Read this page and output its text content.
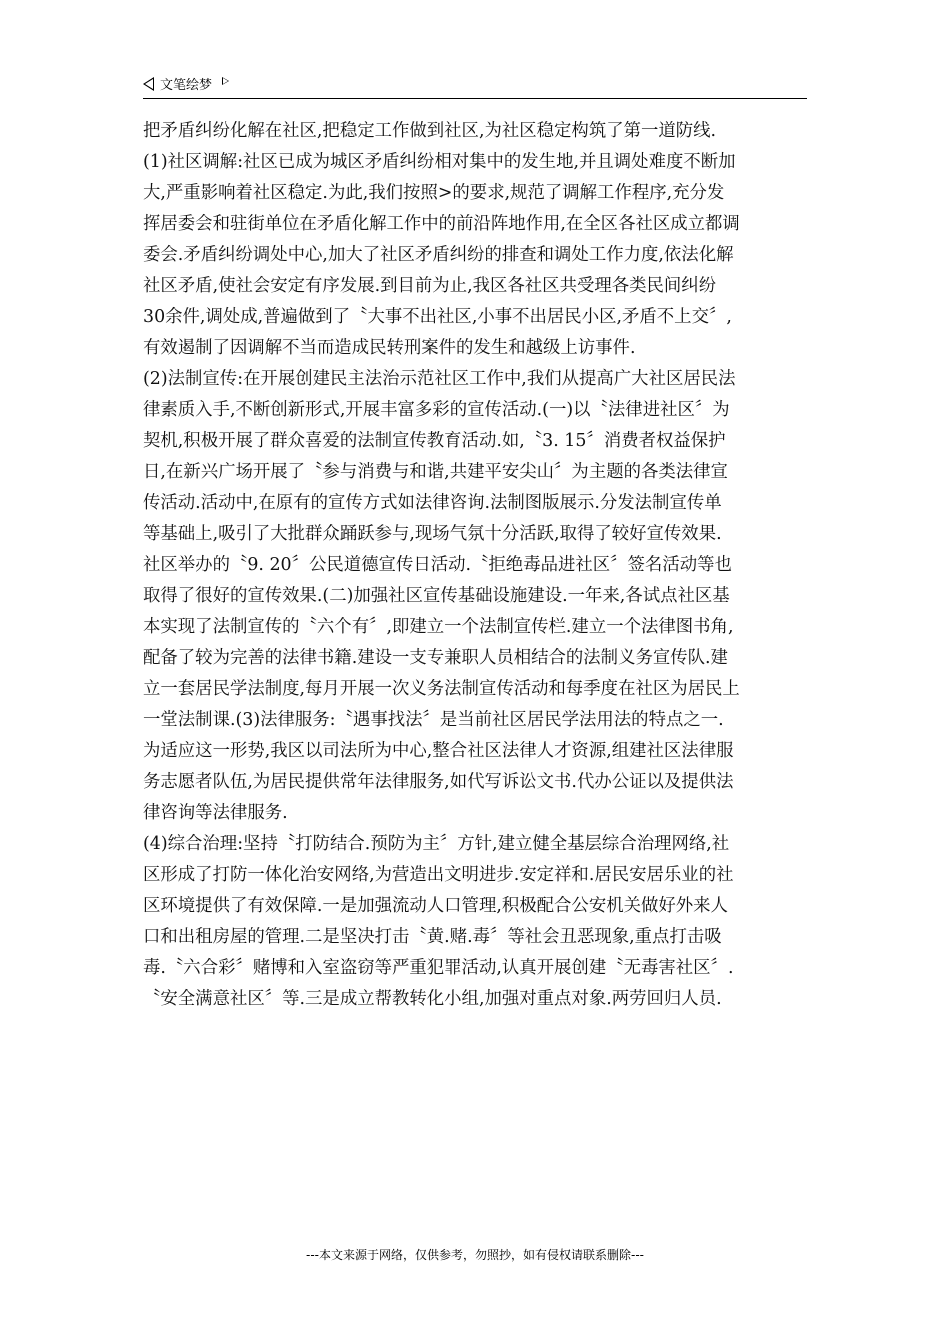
文笔绘梦
把矛盾纠纷化解在社区,把稳定工作做到社区,为社区稳定构筑了第一道防线.
(1)社区调解:社区已成为城区矛盾纠纷相对集中的发生地,并且调处难度不断加
大,严重影响着社区稳定.为此,我们按照>的要求,规范了调解工作程序,充分发
挥居委会和驻街单位在矛盾化解工作中的前沿阵地作用,在全区各社区成立都调
委会.矛盾纠纷调处中心,加大了社区矛盾纠纷的排查和调处工作力度,依法化解
社区矛盾,使社会安定有序发展.到目前为止,我区各社区共受理各类民间纠纷
30余件,调处成,普遍做到了〝大事不出社区,小事不出居民小区,矛盾不上交〞,
有效遏制了因调解不当而造成民转刑案件的发生和越级上访事件.
(2)法制宣传:在开展创建民主法治示范社区工作中,我们从提高广大社区居民法
律素质入手,不断创新形式,开展丰富多彩的宣传活动.(一)以〝法律进社区〞为
契机,积极开展了群众喜爱的法制宣传教育活动.如,〝3. 15〞消费者权益保护
日,在新兴广场开展了〝参与消费与和谐,共建平安尖山〞为主题的各类法律宣
传活动.活动中,在原有的宣传方式如法律咨询.法制图版展示.分发法制宣传单
等基础上,吸引了大批群众踊跃参与,现场气氛十分活跃,取得了较好宣传效果.
社区举办的〝9. 20〞公民道德宣传日活动.〝拒绝毒品进社区〞签名活动等也
取得了很好的宣传效果.(二)加强社区宣传基础设施建设.一年来,各试点社区基
本实现了法制宣传的〝六个有〞,即建立一个法制宣传栏.建立一个法律图书角,
配备了较为完善的法律书籍.建设一支专兼职人员相结合的法制义务宣传队.建
立一套居民学法制度,每月开展一次义务法制宣传活动和每季度在社区为居民上
一堂法制课.(3)法律服务:〝遇事找法〞是当前社区居民学法用法的特点之一.
为适应这一形势,我区以司法所为中心,整合社区法律人才资源,组建社区法律服
务志愿者队伍,为居民提供常年法律服务,如代写诉讼文书.代办公证以及提供法
律咨询等法律服务.
(4)综合治理:坚持〝打防结合.预防为主〞方针,建立健全基层综合治理网络,社
区形成了打防一体化治安网络,为营造出文明进步.安定祥和.居民安居乐业的社
区环境提供了有效保障.一是加强流动人口管理,积极配合公安机关做好外来人
口和出租房屋的管理.二是坚决打击〝黄.赌.毒〞等社会丑恶现象,重点打击吸
毒.〝六合彩〞赌博和入室盗窃等严重犯罪活动,认真开展创建〝无毒害社区〞.
〝安全满意社区〞等.三是成立帮教转化小组,加强对重点对象.两劳回归人员.
---本文来源于网络，仅供参考，勿照抄，如有侵权请联系删除---
